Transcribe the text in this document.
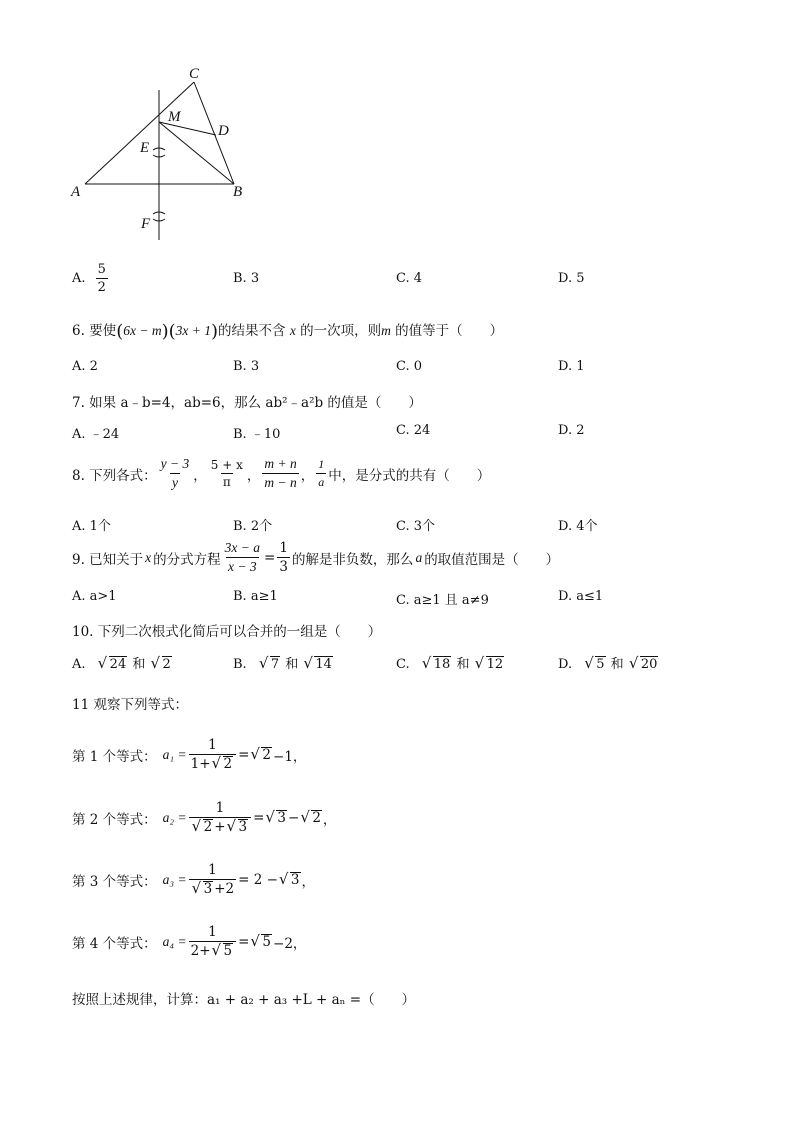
C
M
D
E
A	B
F
A. $\frac{5}{2}$	B. 3	C. 4	D. 5
6. 要使(6x − m)(3x + 1)的结果不含 x 的一次项，则m 的值等于（　　）
A. 2	B. 3	C. 0	D. 1
7. 如果 a﹣b=4，ab=6，那么 ab²﹣a²b 的值是（　　）
A. ﹣24	B. ﹣10	C. 24	D. 2
8. 下列各式： $\frac{y - 3}{y}$ ， $\frac{5 + x}{\pi}$ ， $\frac{m + n}{m - n}$ ， $\frac{1}{a}$ 中，是分式的共有（　　）
A. 1个	B. 2个	C. 3个	D. 4个
9. 已知关于 x 的分式方程 $\frac{3x - a}{x - 3} = \frac{1}{3}$ 的解是非负数，那么 a 的取值范围是（　　）
A. a>1	B. a≥1	C. a≥1 且 a≠9	D. a≤1
10. 下列二次根式化简后可以合并的一组是（　　）
A. √ 24 和 √ 2	B. √ 7 和 √ 14	C. √ 18 和 √ 12	D. √ 5 和 √ 20
11 观察下列等式：
第 1 个等式： $a_1 = \frac{1}{1+ √ 2}$ = √ 2 −1，
第 2 个等式： a₂ = 1
√ 2 + √ 3 = √ 3 − √ 2 ，
第 3 个等式： a₃ = 1
√ 3 +2 = 2 − √ 3 ，
第 4 个等式： $a_4 = \frac{1}{2+ √ 5}$ = √ 5 −2，
按照上述规律，计算：a₁ + a₂ + a₃ +L + aₙ =（　　）
